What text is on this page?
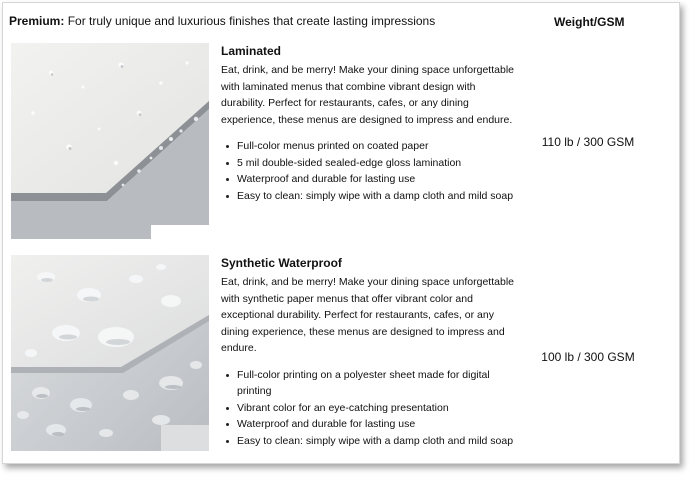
Premium: For truly unique and luxurious finishes that create lasting impressions	Weight/GSM
Laminated

Eat, drink, and be merry! Make your dining space unforgettable with laminated menus that combine vibrant design with durability. Perfect for restaurants, cafes, or any dining experience, these menus are designed to impress and endure.

Full-color menus printed on coated paper
5 mil double-sided sealed-edge gloss lamination
Waterproof and durable for lasting use
Easy to clean: simply wipe with a damp cloth and mild soap
110 lb / 300 GSM
Synthetic Waterproof

Eat, drink, and be merry! Make your dining space unforgettable with synthetic paper menus that offer vibrant color and exceptional durability. Perfect for restaurants, cafes, or any dining experience, these menus are designed to impress and endure.

Full-color printing on a polyester sheet made for digital printing
Vibrant color for an eye-catching presentation
Waterproof and durable for lasting use
Easy to clean: simply wipe with a damp cloth and mild soap
100 lb / 300 GSM
